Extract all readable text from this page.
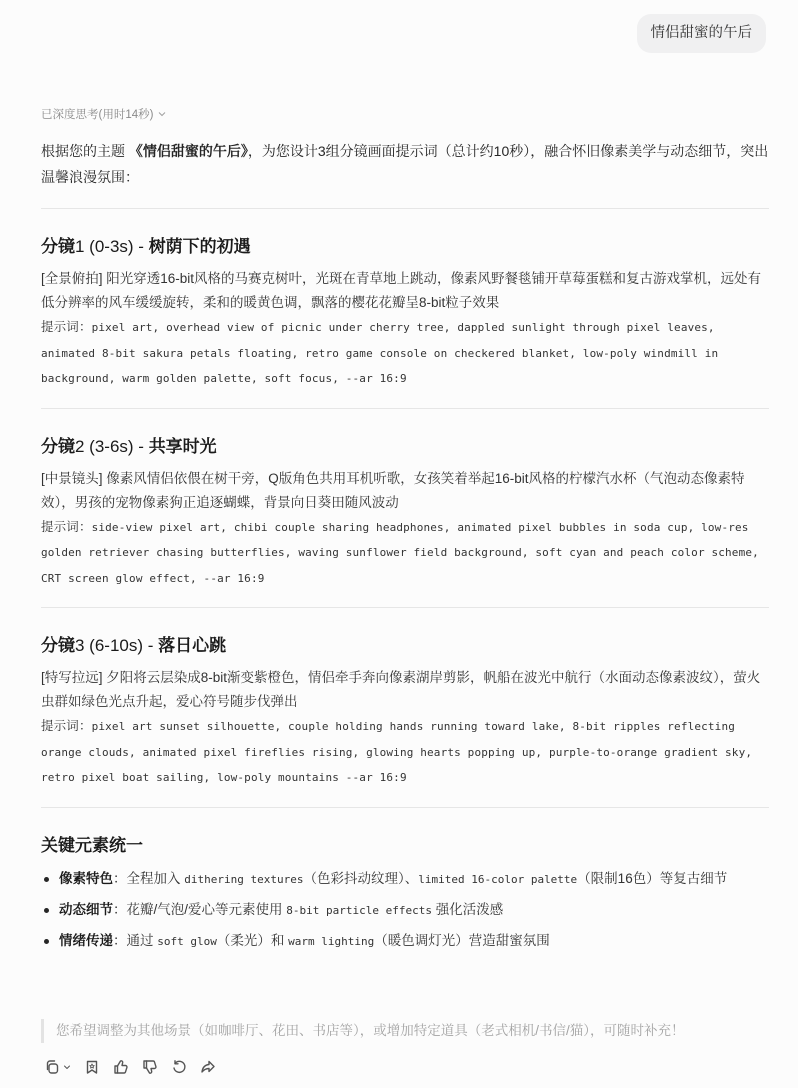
情侣甜蜜的午后
已深度思考(用时14秒)

根据您的主题 《情侣甜蜜的午后》，为您设计3组分镜画面提示词（总计约10秒），融合怀旧像素美学与动态细节，突出温馨浪漫氛围：

分镜1 (0-3s) - 树荫下的初遇

[全景俯拍] 阳光穿透16-bit风格的马赛克树叶，光斑在青草地上跳动，像素风野餐毯铺开草莓蛋糕和复古游戏掌机，远处有低分辨率的风车缓缓旋转，柔和的暖黄色调，飘落的樱花花瓣呈8-bit粒子效果

提示词：pixel art, overhead view of picnic under cherry tree, dappled sunlight through pixel leaves, animated 8-bit sakura petals floating, retro game console on checkered blanket, low-poly windmill in background, warm golden palette, soft focus, --ar 16:9

分镜2 (3-6s) - 共享时光

[中景镜头] 像素风情侣依偎在树干旁，Q版角色共用耳机听歌，女孩笑着举起16-bit风格的柠檬汽水杯（气泡动态像素特效），男孩的宠物像素狗正追逐蝴蝶，背景向日葵田随风波动

提示词：side-view pixel art, chibi couple sharing headphones, animated pixel bubbles in soda cup, low-res golden retriever chasing butterflies, waving sunflower field background, soft cyan and peach color scheme, CRT screen glow effect, --ar 16:9

分镜3 (6-10s) - 落日心跳

[特写拉远] 夕阳将云层染成8-bit渐变紫橙色，情侣牵手奔向像素湖岸剪影，帆船在波光中航行（水面动态像素波纹），萤火虫群如绿色光点升起，爱心符号随步伐弹出

提示词：pixel art sunset silhouette, couple holding hands running toward lake, 8-bit ripples reflecting orange clouds, animated pixel fireflies rising, glowing hearts popping up, purple-to-orange gradient sky, retro pixel boat sailing, low-poly mountains --ar 16:9

关键元素统一
像素特色：全程加入 dithering textures（色彩抖动纹理）、limited 16-color palette（限制16色）等复古细节
动态细节：花瓣/气泡/爱心等元素使用 8-bit particle effects 强化活泼感
情绪传递：通过 soft glow（柔光）和 warm lighting（暖色调灯光）营造甜蜜氛围
您希望调整为其他场景（如咖啡厅、花田、书店等），或增加特定道具（老式相机/书信/猫），可随时补充！
